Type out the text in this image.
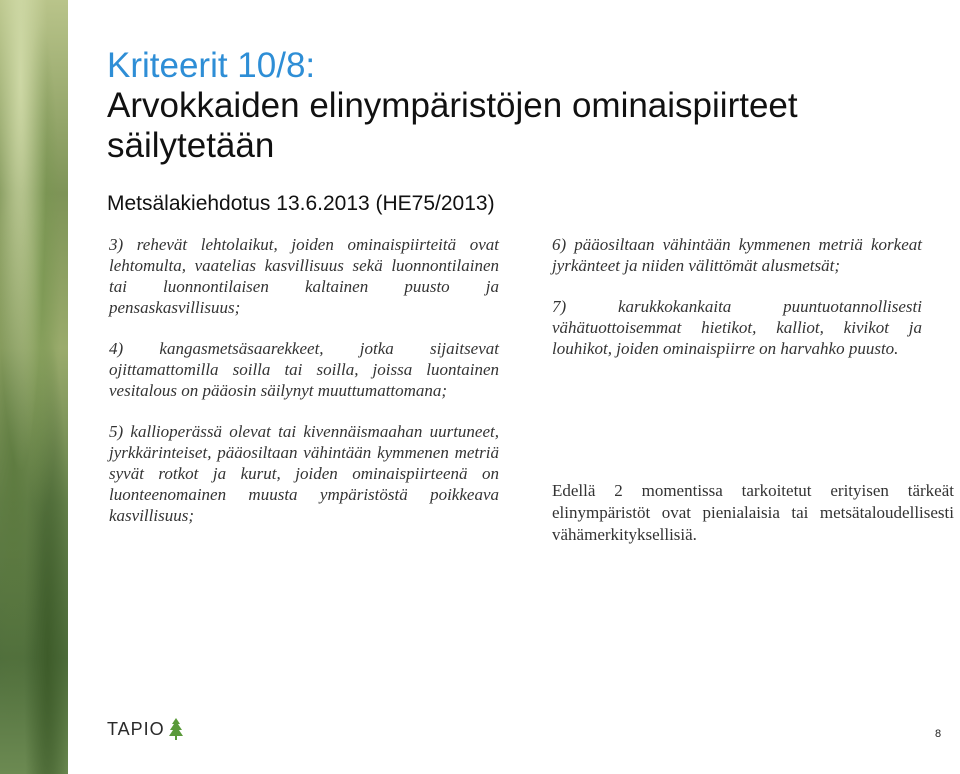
Kriteerit 10/8:
Arvokkaiden elinympäristöjen ominaispiirteet
säilytetään
Metsälakiehdotus 13.6.2013 (HE75/2013)

3) rehevät lehtolaikut, joiden ominaispiirteitä ovat lehtomulta, vaatelias kasvillisuus sekä luonnontilainen tai luonnontilaisen kaltainen puusto ja pensaskasvillisuus;

4) kangasmetsäsaarekkeet, jotka sijaitsevat ojittamattomilla soilla tai soilla, joissa luontainen vesitalous on pääosin säilynyt muuttumattomana;

5) kallioperässä olevat tai kivennäismaahan uurtuneet, jyrkkärinteiset, pääosiltaan vähintään kymmenen metriä syvät rotkot ja kurut, joiden ominaispiirteenä on luonteenomainen muusta ympäristöstä poikkeava kasvillisuus;

6) pääosiltaan vähintään kymmenen metriä korkeat jyrkänteet ja niiden välittömät alusmetsät;

7) karukkokankaita puuntuotannollisesti vähätuottoisemmat hietikot, kalliot, kivikot ja louhikot, joiden ominaispiirre on harvahko puusto.

Edellä 2 momentissa tarkoitetut erityisen tärkeät elinympäristöt ovat pienialaisia tai metsätaloudellisesti vähämerkityksellisiä.
TAPIO	8
